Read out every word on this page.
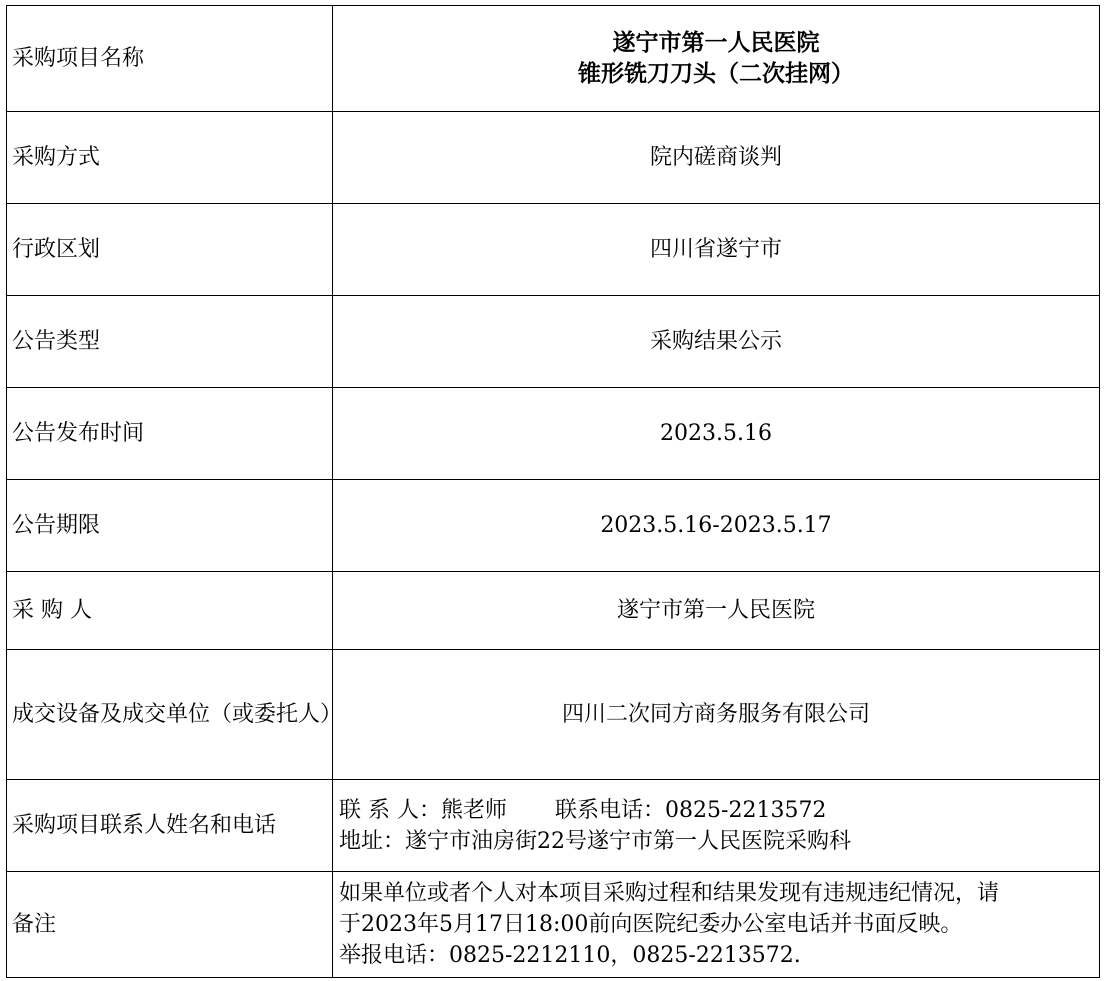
采购项目名称	遂宁市第一人民医院
锥形铣刀刀头（二次挂网）

采购方式	院内磋商谈判
行政区划	四川省遂宁市
公告类型	采购结果公示
公告发布时间	2023.5.16
公告期限	2023.5.16-2023.5.17
采 购 人	遂宁市第一人民医院
成交设备及成交单位（或委托人）	四川二次同方商务服务有限公司
采购项目联系人姓名和电话	联 系 人：熊老师 联系电话：0825-2213572
地址：遂宁市油房街22号遂宁市第一人民医院采购科

备注	如果单位或者个人对本项目采购过程和结果发现有违规违纪情况，请
于2023年5月17日18:00前向医院纪委办公室电话并书面反映。
举报电话：0825-2212110，0825-2213572.
